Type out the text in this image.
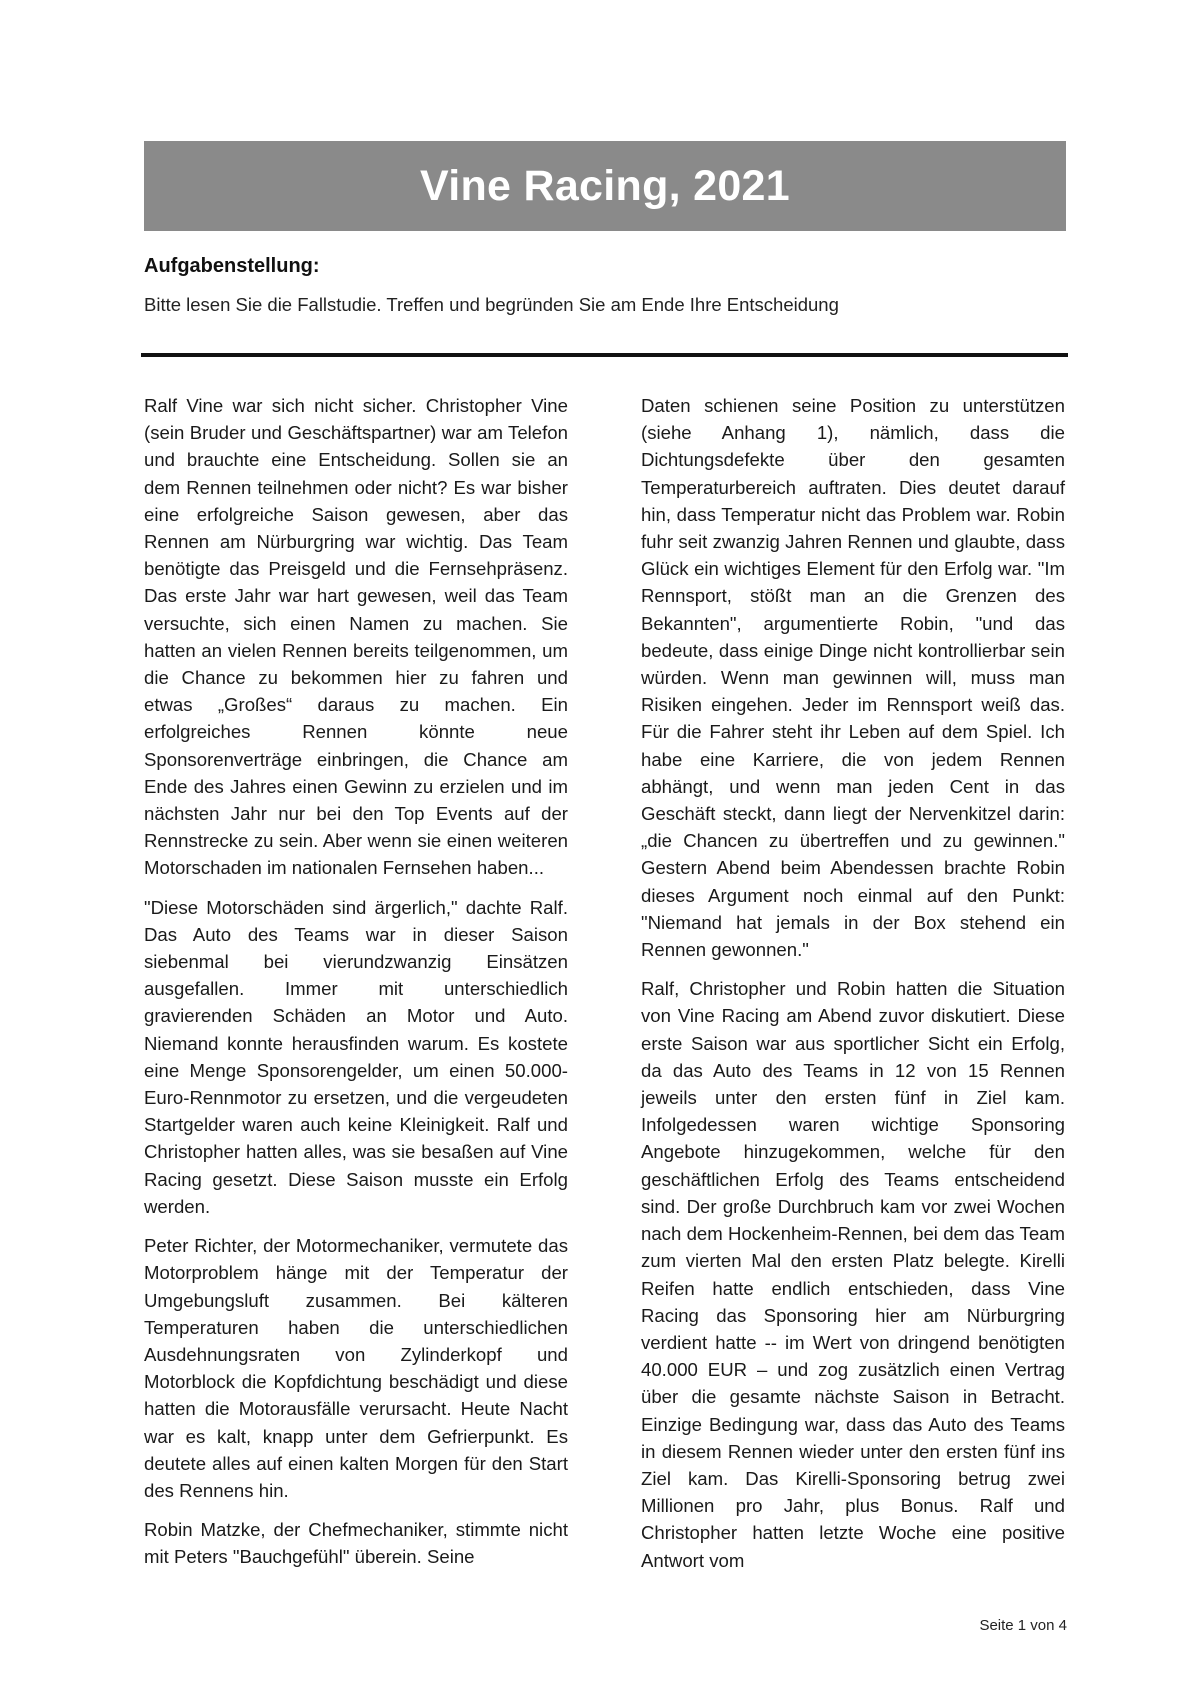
Vine Racing, 2021
Aufgabenstellung:

Bitte lesen Sie die Fallstudie. Treffen und begründen Sie am Ende Ihre Entscheidung

Ralf Vine war sich nicht sicher. Christopher Vine (sein Bruder und Geschäftspartner) war am Telefon und brauchte eine Entscheidung. Sollen sie an dem Rennen teilnehmen oder nicht? Es war bisher eine erfolgreiche Saison gewesen, aber das Rennen am Nürburgring war wichtig. Das Team benötigte das Preisgeld und die Fernsehpräsenz. Das erste Jahr war hart gewesen, weil das Team versuchte, sich einen Namen zu machen. Sie hatten an vielen Rennen bereits teilgenommen, um die Chance zu bekommen hier zu fahren und etwas „Großes“ daraus zu machen. Ein erfolgreiches Rennen könnte neue Sponsorenverträge einbringen, die Chance am Ende des Jahres einen Gewinn zu erzielen und im nächsten Jahr nur bei den Top Events auf der Rennstrecke zu sein. Aber wenn sie einen weiteren Motorschaden im nationalen Fernsehen haben...

"Diese Motorschäden sind ärgerlich," dachte Ralf. Das Auto des Teams war in dieser Saison siebenmal bei vierundzwanzig Einsätzen ausgefallen. Immer mit unterschiedlich gravierenden Schäden an Motor und Auto. Niemand konnte herausfinden warum. Es kostete eine Menge Sponsorengelder, um einen 50.000-Euro-Rennmotor zu ersetzen, und die vergeudeten Startgelder waren auch keine Kleinigkeit. Ralf und Christopher hatten alles, was sie besaßen auf Vine Racing gesetzt. Diese Saison musste ein Erfolg werden.

Peter Richter, der Motormechaniker, vermutete das Motorproblem hänge mit der Temperatur der Umgebungsluft zusammen. Bei kälteren Temperaturen haben die unterschiedlichen Ausdehnungsraten von Zylinderkopf und Motorblock die Kopfdichtung beschädigt und diese hatten die Motorausfälle verursacht. Heute Nacht war es kalt, knapp unter dem Gefrierpunkt. Es deutete alles auf einen kalten Morgen für den Start des Rennens hin.

Robin Matzke, der Chefmechaniker, stimmte nicht mit Peters "Bauchgefühl" überein. Seine

Daten schienen seine Position zu unterstützen (siehe Anhang 1), nämlich, dass die Dichtungsdefekte über den gesamten Temperaturbereich auftraten. Dies deutet darauf hin, dass Temperatur nicht das Problem war. Robin fuhr seit zwanzig Jahren Rennen und glaubte, dass Glück ein wichtiges Element für den Erfolg war. "Im Rennsport, stößt man an die Grenzen des Bekannten", argumentierte Robin, "und das bedeute, dass einige Dinge nicht kontrollierbar sein würden. Wenn man gewinnen will, muss man Risiken eingehen. Jeder im Rennsport weiß das. Für die Fahrer steht ihr Leben auf dem Spiel. Ich habe eine Karriere, die von jedem Rennen abhängt, und wenn man jeden Cent in das Geschäft steckt, dann liegt der Nervenkitzel darin:„die Chancen zu übertreffen und zu gewinnen." Gestern Abend beim Abendessen brachte Robin dieses Argument noch einmal auf den Punkt: "Niemand hat jemals in der Box stehend ein Rennen gewonnen."

Ralf, Christopher und Robin hatten die Situation von Vine Racing am Abend zuvor diskutiert. Diese erste Saison war aus sportlicher Sicht ein Erfolg, da das Auto des Teams in 12 von 15 Rennen jeweils unter den ersten fünf in Ziel kam. Infolgedessen waren wichtige Sponsoring Angebote hinzugekommen, welche für den geschäftlichen Erfolg des Teams entscheidend sind. Der große Durchbruch kam vor zwei Wochen nach dem Hockenheim-Rennen, bei dem das Team zum vierten Mal den ersten Platz belegte. Kirelli Reifen hatte endlich entschieden, dass Vine Racing das Sponsoring hier am Nürburgring verdient hatte -- im Wert von dringend benötigten 40.000 EUR – und zog zusätzlich einen Vertrag über die gesamte nächste Saison in Betracht. Einzige Bedingung war, dass das Auto des Teams in diesem Rennen wieder unter den ersten fünf ins Ziel kam. Das Kirelli-Sponsoring betrug zwei Millionen pro Jahr, plus Bonus. Ralf und Christopher hatten letzte Woche eine positive Antwort vom

Seite 1 von 4
